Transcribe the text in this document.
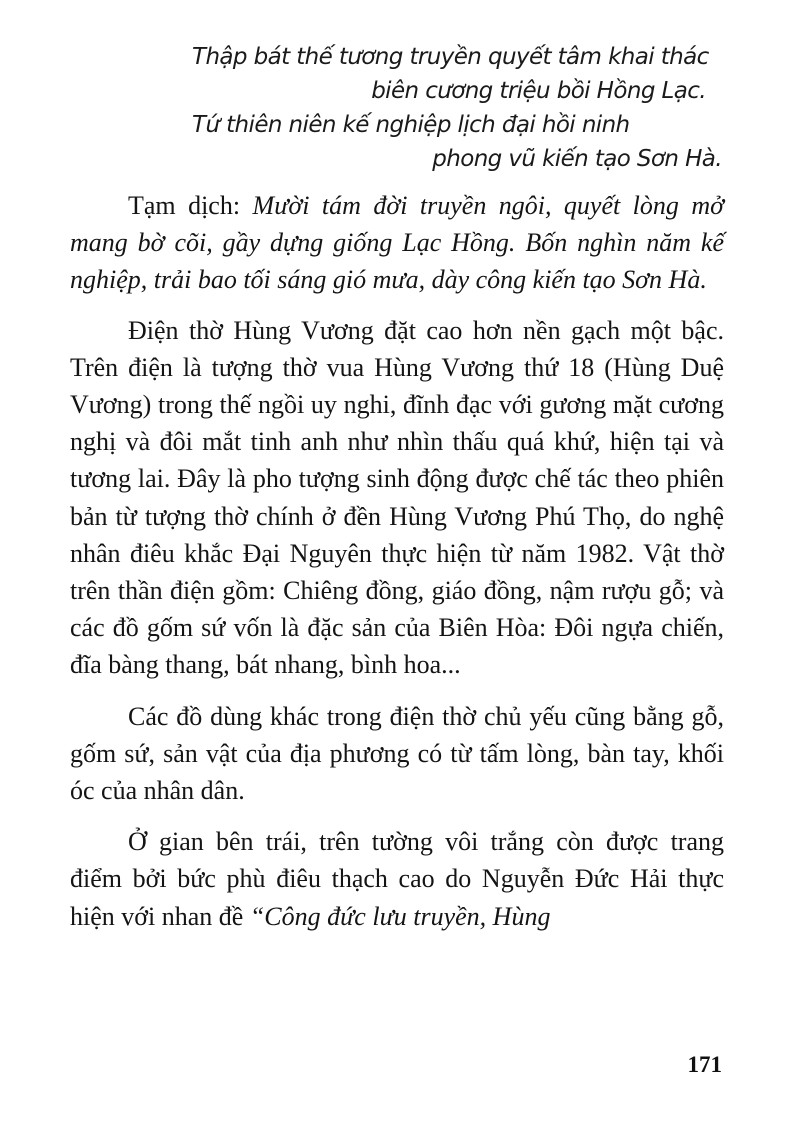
Thập bát thế tương truyền quyết tâm khai thác
biên cương triệu bồi Hồng Lạc.
Tứ thiên niên kế nghiệp lịch đại hồi ninh
phong vũ kiến tạo Sơn Hà.

Tạm dịch: Mười tám đời truyền ngôi, quyết lòng mở mang bờ cõi, gầy dựng giống Lạc Hồng. Bốn nghìn năm kế nghiệp, trải bao tối sáng gió mưa, dày công kiến tạo Sơn Hà.

Điện thờ Hùng Vương đặt cao hơn nền gạch một bậc. Trên điện là tượng thờ vua Hùng Vương thứ 18 (Hùng Duệ Vương) trong thế ngồi uy nghi, đĩnh đạc với gương mặt cương nghị và đôi mắt tinh anh như nhìn thấu quá khứ, hiện tại và tương lai. Đây là pho tượng sinh động được chế tác theo phiên bản từ tượng thờ chính ở đền Hùng Vương Phú Thọ, do nghệ nhân điêu khắc Đại Nguyên thực hiện từ năm 1982. Vật thờ trên thần điện gồm: Chiêng đồng, giáo đồng, nậm rượu gỗ; và các đồ gốm sứ vốn là đặc sản của Biên Hòa: Đôi ngựa chiến, đĩa bàng thang, bát nhang, bình hoa...

Các đồ dùng khác trong điện thờ chủ yếu cũng bằng gỗ, gốm sứ, sản vật của địa phương có từ tấm lòng, bàn tay, khối óc của nhân dân.

Ở gian bên trái, trên tường vôi trắng còn được trang điểm bởi bức phù điêu thạch cao do Nguyễn Đức Hải thực hiện với nhan đề “Công đức lưu truyền, Hùng

171
